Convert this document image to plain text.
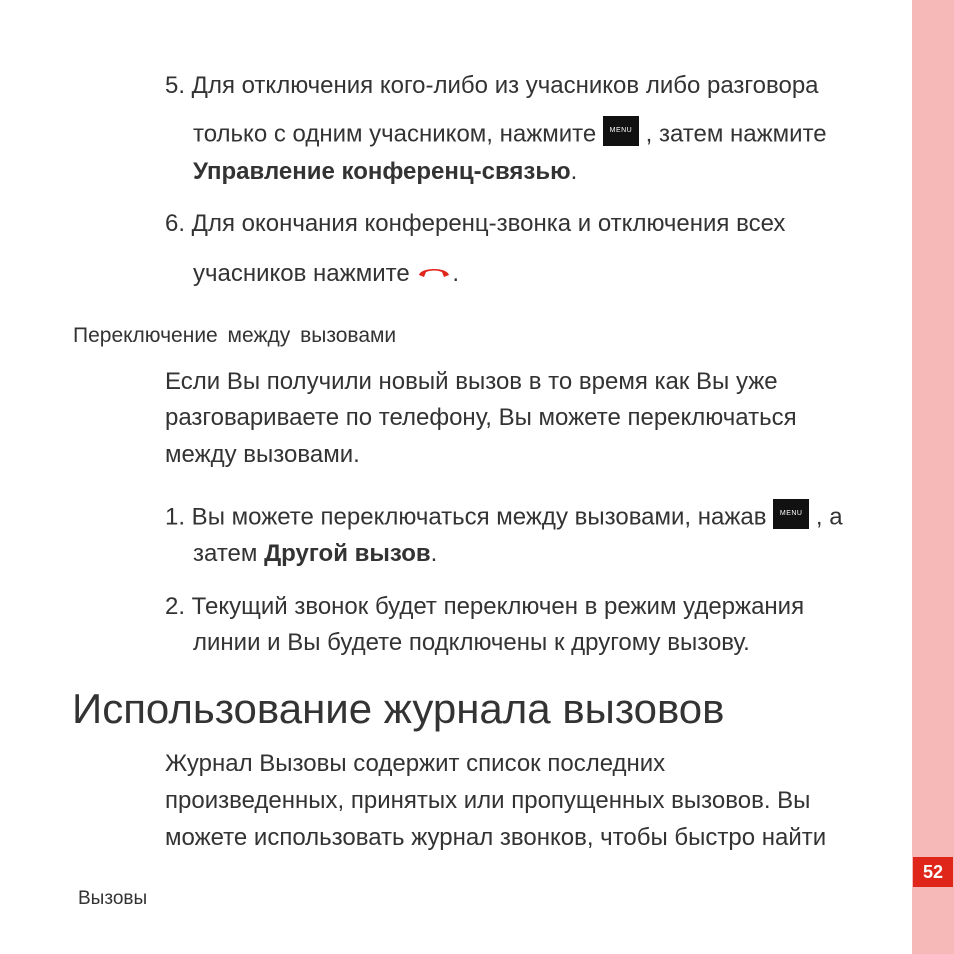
52
5. Для отключения кого-либо из учасников либо разговора
только с одним учасником, нажмите MENU , затем нажмите
Управление конференц-связью.
6. Для окончания конференц-звонка и отключения всех
учасников нажмите .
Переключение между вызовами
Если Вы получили новый вызов в то время как Вы уже
разговариваете по телефону, Вы можете переключаться
между вызовами.
1. Вы можете переключаться между вызовами, нажав MENU , а
затем Другой вызов.
2. Текущий звонок будет переключен в режим удержания
линии и Вы будете подключены к другому вызову.
Использование журнала вызовов
Журнал Вызовы содержит список последних
произведенных, принятых или пропущенных вызовов. Вы
можете использовать журнал звонков, чтобы быстро найти
Вызовы
